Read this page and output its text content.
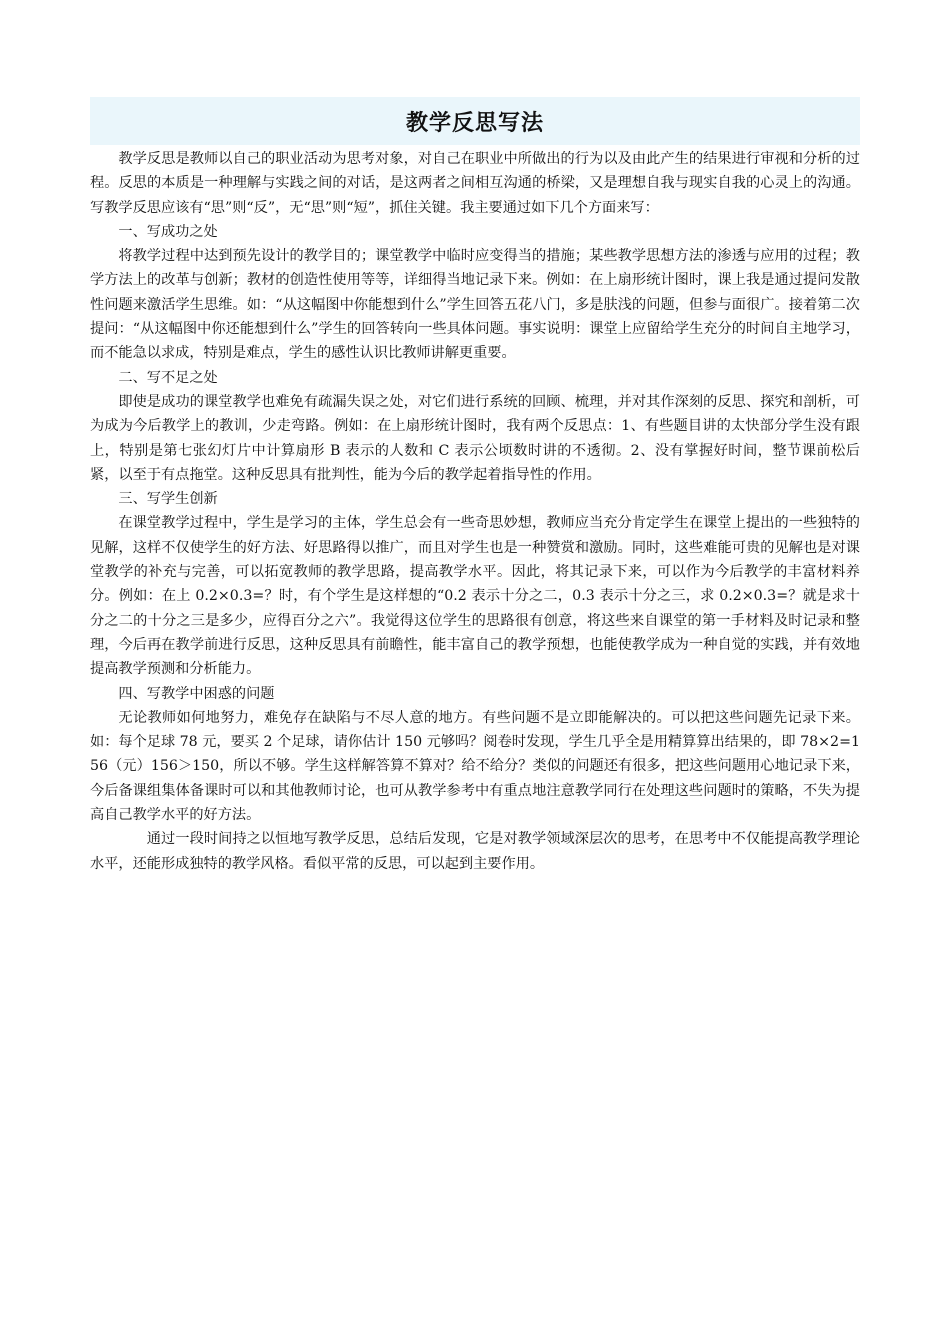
教学反思写法

教学反思是教师以自己的职业活动为思考对象，对自己在职业中所做出的行为以及由此产生的结果进行审视和分析的过程。反思的本质是一种理解与实践之间的对话，是这两者之间相互沟通的桥梁，又是理想自我与现实自我的心灵上的沟通。写教学反思应该有“思”则“反”，无“思”则“短”，抓住关键。我主要通过如下几个方面来写：

一、写成功之处

将教学过程中达到预先设计的教学目的；课堂教学中临时应变得当的措施；某些教学思想方法的渗透与应用的过程；教学方法上的改革与创新；教材的创造性使用等等，详细得当地记录下来。例如：在上扇形统计图时，课上我是通过提问发散性问题来激活学生思维。如：“从这幅图中你能想到什么”学生回答五花八门，多是肤浅的问题，但参与面很广。接着第二次提问：“从这幅图中你还能想到什么”学生的回答转向一些具体问题。事实说明：课堂上应留给学生充分的时间自主地学习，而不能急以求成，特别是难点，学生的感性认识比教师讲解更重要。

二、写不足之处

即使是成功的课堂教学也难免有疏漏失误之处，对它们进行系统的回顾、梳理，并对其作深刻的反思、探究和剖析，可为成为今后教学上的教训，少走弯路。例如：在上扇形统计图时，我有两个反思点：1、有些题目讲的太快部分学生没有跟上，特别是第七张幻灯片中计算扇形 B 表示的人数和 C 表示公顷数时讲的不透彻。2、没有掌握好时间，整节课前松后紧，以至于有点拖堂。这种反思具有批判性，能为今后的教学起着指导性的作用。

三、写学生创新

在课堂教学过程中，学生是学习的主体，学生总会有一些奇思妙想，教师应当充分肯定学生在课堂上提出的一些独特的见解，这样不仅使学生的好方法、好思路得以推广，而且对学生也是一种赞赏和激励。同时，这些难能可贵的见解也是对课堂教学的补充与完善，可以拓宽教师的教学思路，提高教学水平。因此，将其记录下来，可以作为今后教学的丰富材料养分。例如：在上 0.2×0.3=？时，有个学生是这样想的“0.2 表示十分之二，0.3 表示十分之三，求 0.2×0.3=？就是求十分之二的十分之三是多少，应得百分之六”。我觉得这位学生的思路很有创意，将这些来自课堂的第一手材料及时记录和整理，今后再在教学前进行反思，这种反思具有前瞻性，能丰富自己的教学预想，也能使教学成为一种自觉的实践，并有效地提高教学预测和分析能力。

四、写教学中困惑的问题

无论教师如何地努力，难免存在缺陷与不尽人意的地方。有些问题不是立即能解决的。可以把这些问题先记录下来。如：每个足球 78 元，要买 2 个足球，请你估计 150 元够吗？阅卷时发现，学生几乎全是用精算算出结果的，即 78×2=156（元）156＞150，所以不够。学生这样解答算不算对？给不给分？类似的问题还有很多，把这些问题用心地记录下来，今后备课组集体备课时可以和其他教师讨论，也可从教学参考中有重点地注意教学同行在处理这些问题时的策略，不失为提高自己教学水平的好方法。

通过一段时间持之以恒地写教学反思，总结后发现，它是对教学领域深层次的思考，在思考中不仅能提高教学理论水平，还能形成独特的教学风格。看似平常的反思，可以起到主要作用。
